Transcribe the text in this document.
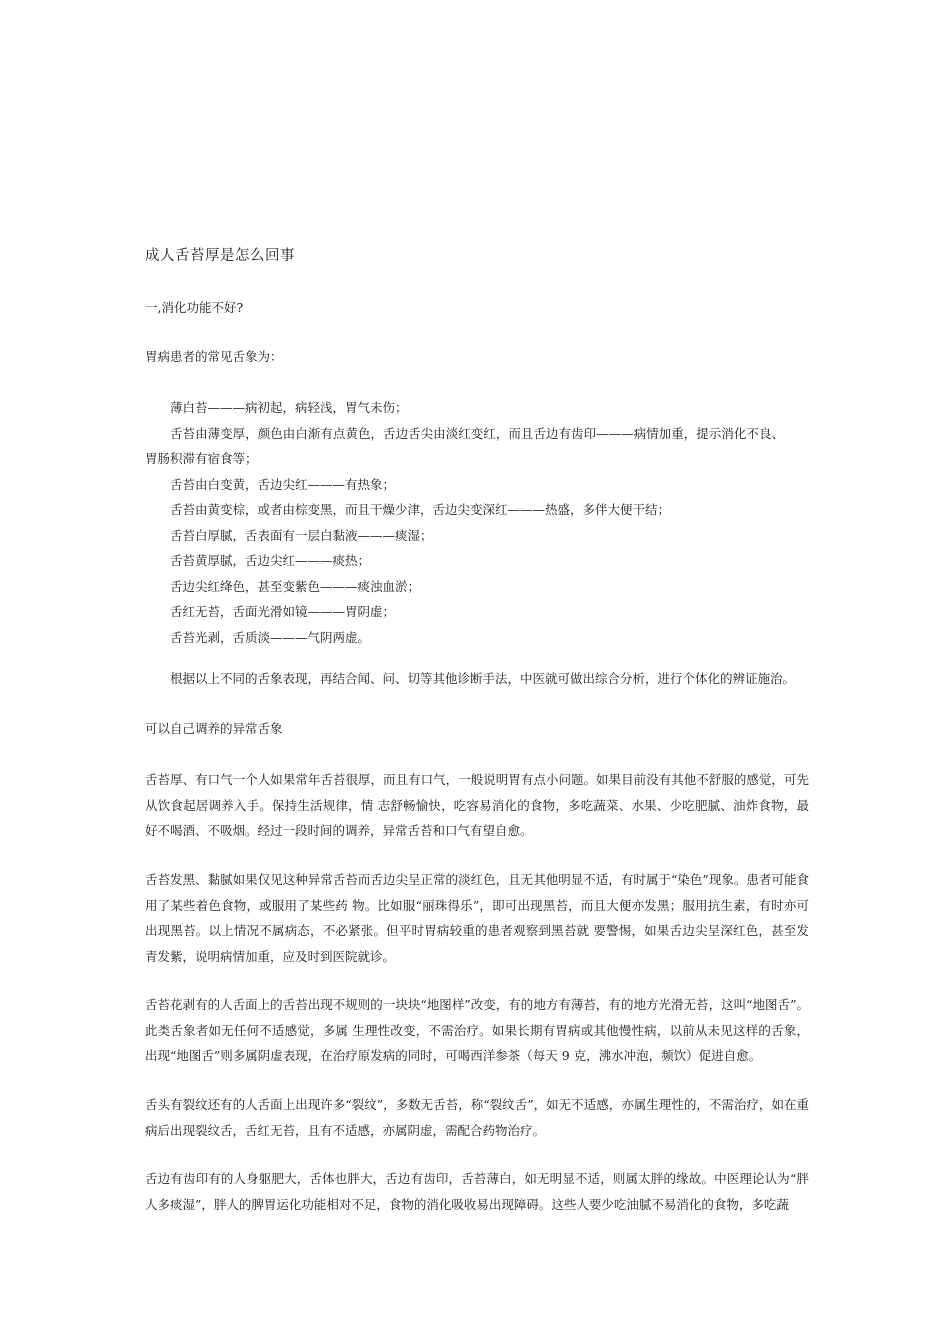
成人舌苔厚是怎么回事
一,消化功能不好?
胃病患者的常见舌象为：
薄白苔———病初起，病轻浅，胃气未伤；
舌苔由薄变厚，颜色由白渐有点黄色，舌边舌尖由淡红变红，而且舌边有齿印———病情加重，提示消化不良、胃肠积滞有宿食等；
舌苔由白变黄，舌边尖红———有热象；
舌苔由黄变棕，或者由棕变黑，而且干燥少津，舌边尖变深红———热盛，多伴大便干结；
舌苔白厚腻，舌表面有一层白黏液———痰湿；
舌苔黄厚腻，舌边尖红———痰热；
舌边尖红绛色，甚至变紫色———痰浊血淤；
舌红无苔，舌面光滑如镜———胃阴虚；
舌苔光剥，舌质淡———气阴两虚。
根据以上不同的舌象表现，再结合闻、问、切等其他诊断手法，中医就可做出综合分析，进行个体化的辨证施治。
可以自己调养的异常舌象
舌苔厚、有口气一个人如果常年舌苔很厚，而且有口气，一般说明胃有点小问题。如果目前没有其他不舒服的感觉，可先从饮食起居调养入手。保持生活规律，情 志舒畅愉快，吃容易消化的食物，多吃蔬菜、水果、少吃肥腻、油炸食物，最好不喝酒、不吸烟。经过一段时间的调养，异常舌苔和口气有望自愈。
舌苔发黑、黏腻如果仅见这种异常舌苔而舌边尖呈正常的淡红色，且无其他明显不适，有时属于“染色”现象。患者可能食用了某些着色食物，或服用了某些药 物。比如服“丽珠得乐”，即可出现黑苔，而且大便亦发黑；服用抗生素，有时亦可出现黑苔。以上情况不属病态，不必紧张。但平时胃病较重的患者观察到黑苔就 要警惕，如果舌边尖呈深红色，甚至发青发紫，说明病情加重，应及时到医院就诊。
舌苔花剥有的人舌面上的舌苔出现不规则的一块块“地图样”改变，有的地方有薄苔，有的地方光滑无苔，这叫“地图舌”。此类舌象者如无任何不适感觉，多属 生理性改变，不需治疗。如果长期有胃病或其他慢性病，以前从未见这样的舌象，出现“地图舌”则多属阴虚表现，在治疗原发病的同时，可喝西洋参茶（每天 9 克，沸水冲泡，频饮）促进自愈。
舌头有裂纹还有的人舌面上出现许多“裂纹”，多数无舌苔，称“裂纹舌”，如无不适感，亦属生理性的，不需治疗，如在重病后出现裂纹舌，舌红无苔，且有不适感，亦属阴虚，需配合药物治疗。
舌边有齿印有的人身躯肥大，舌体也胖大，舌边有齿印，舌苔薄白，如无明显不适，则属太胖的缘故。中医理论认为“胖人多痰湿”，胖人的脾胃运化功能相对不足，食物的消化吸收易出现障碍。这些人要少吃油腻不易消化的食物，多吃蔬
